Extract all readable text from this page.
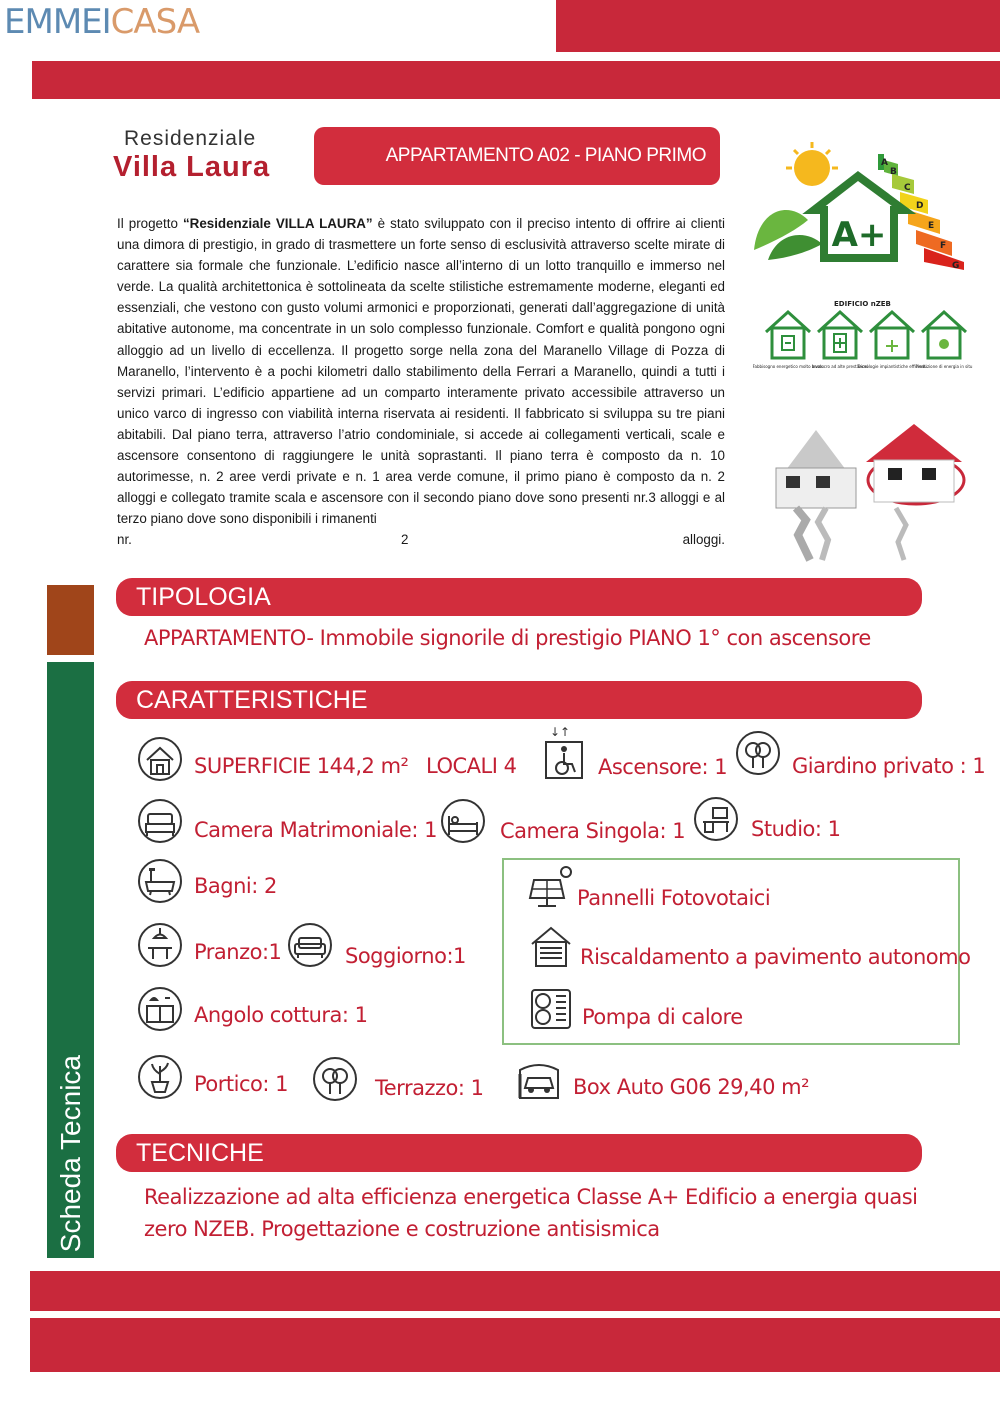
EMMEICASA
Residenziale
Villa Laura	APPARTAMENTO A02 - PIANO PRIMO
Il progetto “Residenziale VILLA LAURA” è stato sviluppato con il preciso intento di offrire ai clienti una dimora di prestigio, in grado di trasmettere un forte senso di esclusività attraverso scelte mirate di carattere sia formale che funzionale. L’edificio nasce all’interno di un lotto tranquillo e immerso nel verde. La qualità architettonica è sottolineata da scelte stilistiche estremamente moderne, eleganti ed essenziali, che vestono con gusto volumi armonici e proporzionati, generati dall’aggregazione di unità abitative autonome, ma concentrate in un solo complesso funzionale. Comfort e qualità pongono ogni alloggio ad un livello di eccellenza. Il progetto sorge nella zona del Maranello Village di Pozza di Maranello, l’intervento è a pochi kilometri dallo stabilimento della Ferrari a Maranello, quindi a tutti i servizi primari. L’edificio appartiene ad un comparto interamente privato accessibile attraverso un unico varco di ingresso con viabilità interna riservata ai residenti. Il fabbricato si sviluppa su tre piani abitabili. Dal piano terra, attraverso l’atrio condominiale, si accede ai collegamenti verticali, scale e ascensore consentono di raggiungere le unità soprastanti. Il piano terra è composto da n. 10 autorimesse, n. 2 aree verdi private e n. 1 area verde comune, il primo piano è composto da n. 2 alloggi e collegato tramite scala e ascensore con il secondo piano dove sono presenti nr.3 alloggi e al terzo piano dove sono disponibili i rimanenti
nr.	2	alloggi.
A+
A
B
C
D
E
F
G
EDIFICIO nZEB
Fabbisogno energetico molto basso
Involucro ad alte prestazioni
Tecnologie impiantistiche efficienti
Produzione di energia in situ
Scheda Tecnica
TIPOLOGIA
APPARTAMENTO- Immobile signorile di prestigio PIANO 1° con ascensore
CARATTERISTICHE
SUPERFICIE 144,2 m² LOCALI 4
↓↑
Ascensore: 1	Giardino privato : 1
Camera Matrimoniale: 1	Camera Singola: 1	Studio: 1
Bagni: 2	Pannelli Fotovotaici
Riscaldamento a pavimento autonomo
Pompa di calore
Pranzo:1	Soggiorno:1
Angolo cottura: 1
Portico: 1	Terrazzo: 1	Box Auto G06 29,40 m²
TECNICHE
Realizzazione ad alta efficienza energetica Classe A+ Edificio a energia quasi zero NZEB. Progettazione e costruzione antisismica
